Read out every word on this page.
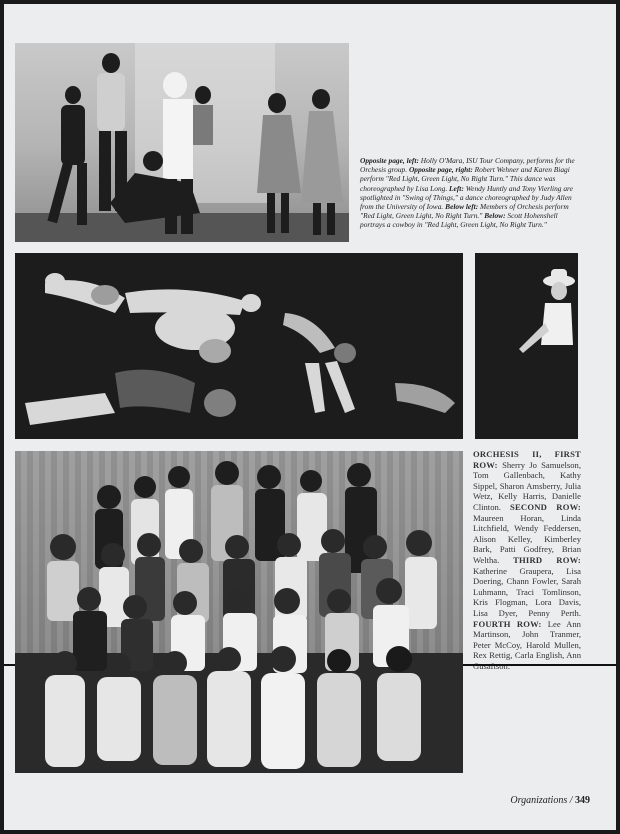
Opposite page, left: Holly O'Mara, ISU Tour Company, performs for the Orchesis group. Opposite page, right: Robert Wehner and Karen Biagi perform "Red Light, Green Light, No Right Turn." This dance was choreographed by Lisa Long. Left: Wendy Huntly and Tony Vierling are spotlighted in "Swing of Things," a dance choreographed by Judy Allen from the University of Iowa. Below left: Members of Orchesis perform "Red Light, Green Light, No Right Turn." Below: Scott Hohenshell portrays a cowboy in "Red Light, Green Light, No Right Turn."
ORCHESIS II, FIRST ROW: Sherry Jo Samuelson, Tom Gallenbach, Kathy Sippel, Sharon Amsberry, Julia Wetz, Kelly Harris, Danielle Clinton. SECOND ROW: Maureen Horan, Linda Litchfield, Wendy Feddersen, Alison Kelley, Kimberley Bark, Patti Godfrey, Brian Weltha. THIRD ROW: Katherine Graupera, Lisa Doering, Chann Fowler, Sarah Luhmann, Traci Tomlinson, Kris Flogman, Lora Davis, Lisa Dyer, Penny Perth. FOURTH ROW: Lee Ann Martinson, John Tranmer, Peter McCoy, Harold Mullen, Rex Rettig, Carla English, Ann
Organizations / 349
